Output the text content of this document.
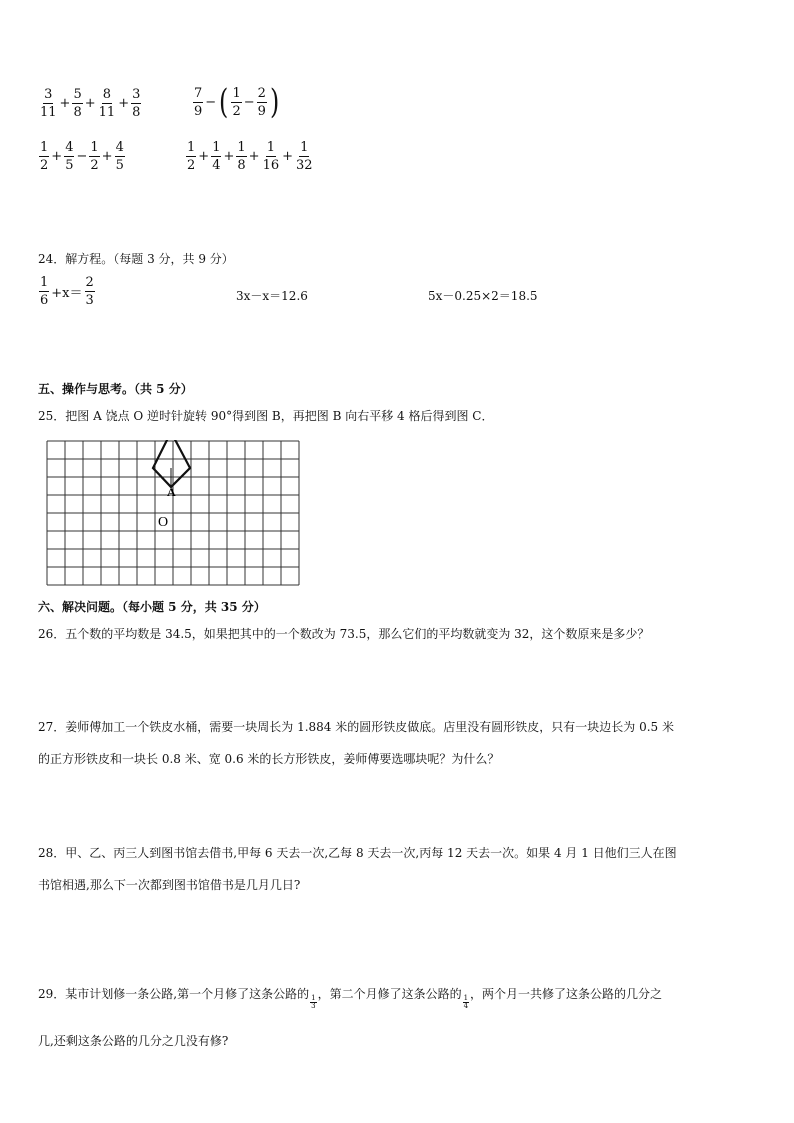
$\frac{3}{11} + \frac{5}{8} + \frac{8}{11} + \frac{3}{8}$	$\frac{7}{9}$ − ( $\frac{1}{2} - \frac{2}{9}$ )
$\frac{1}{2} + \frac{4}{5} - \frac{1}{2} + \frac{4}{5}$	$\frac{1}{2} + \frac{1}{4} + \frac{1}{8} + \frac{1}{16} + \frac{1}{32}$
24．解方程。（每题 3 分，共 9 分）
$\frac{1}{6} +x= \frac{2}{3}$	3x－x＝12.6	5x－0.25×2＝18.5
五、操作与思考。（共 5 分）
25．把图 A 饶点 O 逆时针旋转 90°得到图 B，再把图 B 向右平移 4 格后得到图 C．
A
O
六、解决问题。（每小题 5 分，共 35 分）
26．五个数的平均数是 34.5，如果把其中的一个数改为 73.5，那么它们的平均数就变为 32，这个数原来是多少？
27．姜师傅加工一个铁皮水桶，需要一块周长为 1.884 米的圆形铁皮做底。店里没有圆形铁皮，只有一块边长为 0.5 米
的正方形铁皮和一块长 0.8 米、宽 0.6 米的长方形铁皮，姜师傅要选哪块呢？为什么？
28．甲、乙、丙三人到图书馆去借书,甲每 6 天去一次,乙每 8 天去一次,丙每 12 天去一次。如果 4 月 1 日他们三人在图
书馆相遇,那么下一次都到图书馆借书是几月几日?
29．某市计划修一条公路,第一个月修了这条公路的
$\frac{1}{3}$
，第二个月修了这条公路的
$\frac{1}{4}$
，两个月一共修了这条公路的几分之
几,还剩这条公路的几分之几没有修?
